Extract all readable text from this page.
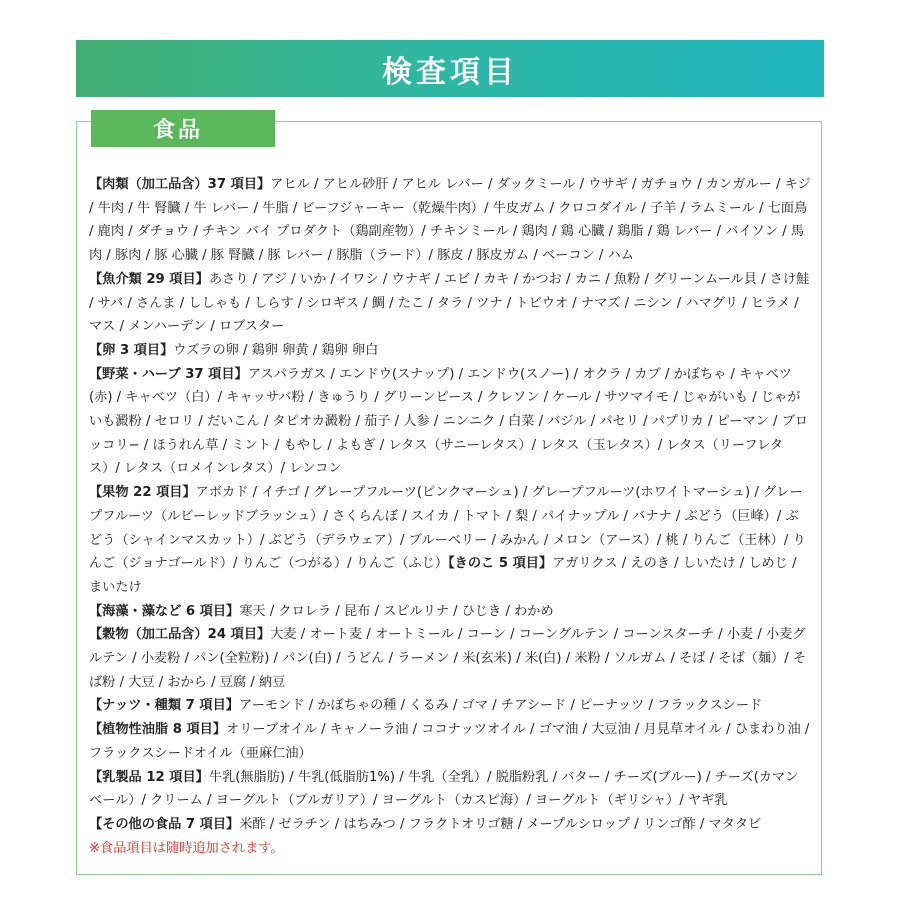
検査項目
食品

【肉類（加工品含）37 項目】アヒル / アヒル砂肝 / アヒル レバー / ダックミール / ウサギ / ガチョウ / カンガルー / キジ / 牛肉 / 牛 腎臓 / 牛 レバー / 牛脂 / ビーフジャーキー（乾燥牛肉）/ 牛皮ガム / クロコダイル / 子羊 / ラムミール / 七面鳥 / 鹿肉 / ダチョウ / チキン バイ プロダクト（鶏副産物）/ チキンミール / 鶏肉 / 鶏 心臓 / 鶏脂 / 鶏 レバー / バイソン / 馬肉 / 豚肉 / 豚 心臓 / 豚 腎臓 / 豚 レバー / 豚脂（ラード）/ 豚皮 / 豚皮ガム / ベーコン / ハム

【魚介類 29 項目】あさり / アジ / いか / イワシ / ウナギ / エビ / カキ / かつお / カニ / 魚粉 / グリーンムール貝 / さけ鮭 / サバ / さんま / ししゃも / しらす / シロギス / 鯛 / たこ / タラ / ツナ / トビウオ / ナマズ / ニシン / ハマグリ / ヒラメ / マス / メンハーデン / ロブスター

【卵 3 項目】ウズラの卵 / 鶏卵 卵黄 / 鶏卵 卵白

【野菜・ハーブ 37 項目】アスパラガス / エンドウ(スナップ) / エンドウ(スノー) / オクラ / カブ / かぼちゃ / キャベツ(赤) / キャベツ（白）/ キャッサバ粉 / きゅうり / グリーンピース / クレソン / ケール / サツマイモ / じゃがいも / じゃがいも澱粉 / セロリ / だいこん / タピオカ澱粉 / 茄子 / 人参 / ニンニク / 白菜 / バジル / パセリ / パプリカ / ピーマン / ブロッコリ− / ほうれん草 / ミント / もやし / よもぎ / レタス（サニーレタス）/ レタス（玉レタス）/ レタス（リーフレタス）/ レタス（ロメインレタス）/ レンコン

【果物 22 項目】アボカド / イチゴ / グレープフルーツ(ピンクマーシュ) / グレープフルーツ(ホワイトマーシュ) / グレープフルーツ（ルビーレッドブラッシュ）/ さくらんぼ / スイカ / トマト / 梨 / パイナップル / バナナ / ぶどう（巨峰）/ ぶどう（シャインマスカット）/ ぶどう（デラウェア）/ ブルーベリー / みかん / メロン（アース）/ 桃 / りんご（王林）/ りんご（ジョナゴールド）/ りんご（つがる）/ りんご（ふじ）【きのこ 5 項目】アガリクス / えのき / しいたけ / しめじ / まいたけ

【海藻・藻など 6 項目】寒天 / クロレラ / 昆布 / スピルリナ / ひじき / わかめ

【穀物（加工品含）24 項目】大麦 / オート麦 / オートミール / コーン / コーングルテン / コーンスターチ / 小麦 / 小麦グルテン / 小麦粉 / パン(全粒粉) / パン(白) / うどん / ラーメン / 米(玄米) / 米(白) / 米粉 / ソルガム / そば / そば（麺）/ そば粉 / 大豆 / おから / 豆腐 / 納豆

【ナッツ・種類 7 項目】アーモンド / かぼちゃの種 / くるみ / ゴマ / チアシード / ピーナッツ / フラックスシード

【植物性油脂 8 項目】オリーブオイル / キャノーラ油 / ココナッツオイル / ゴマ油 / 大豆油 / 月見草オイル / ひまわり油 / フラックスシードオイル（亜麻仁油）

【乳製品 12 項目】牛乳(無脂肪) / 牛乳(低脂肪1%) / 牛乳（全乳）/ 脱脂粉乳 / バター / チーズ(ブルー) / チーズ(カマンベール）/ クリーム / ヨーグルト（ブルガリア）/ ヨーグルト（カスピ海）/ ヨーグルト（ギリシャ）/ ヤギ乳

【その他の食品 7 項目】米酢 / ゼラチン / はちみつ / フラクトオリゴ糖 / メープルシロップ / リンゴ酢 / マタタビ

※食品項目は随時追加されます。
